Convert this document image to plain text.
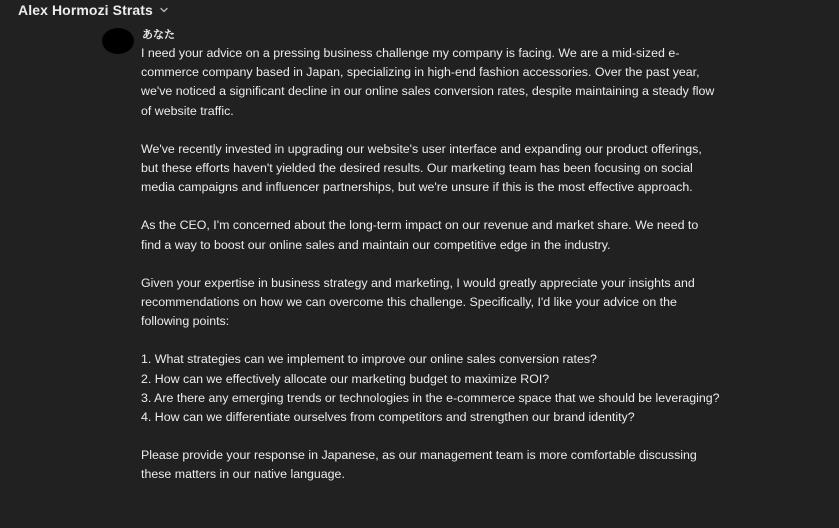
Alex Hormozi Strats
あなた

I need your advice on a pressing business challenge my company is facing. We are a mid-sized e-commerce company based in Japan, specializing in high-end fashion accessories. Over the past year, we've noticed a significant decline in our online sales conversion rates, despite maintaining a steady flow of website traffic.

We've recently invested in upgrading our website's user interface and expanding our product offerings, but these efforts haven't yielded the desired results. Our marketing team has been focusing on social media campaigns and influencer partnerships, but we're unsure if this is the most effective approach.

As the CEO, I'm concerned about the long-term impact on our revenue and market share. We need to find a way to boost our online sales and maintain our competitive edge in the industry.

Given your expertise in business strategy and marketing, I would greatly appreciate your insights and recommendations on how we can overcome this challenge. Specifically, I'd like your advice on the following points:

1. What strategies can we implement to improve our online sales conversion rates?
2. How can we effectively allocate our marketing budget to maximize ROI?
3. Are there any emerging trends or technologies in the e-commerce space that we should be leveraging?
4. How can we differentiate ourselves from competitors and strengthen our brand identity?

Please provide your response in Japanese, as our management team is more comfortable discussing these matters in our native language.
